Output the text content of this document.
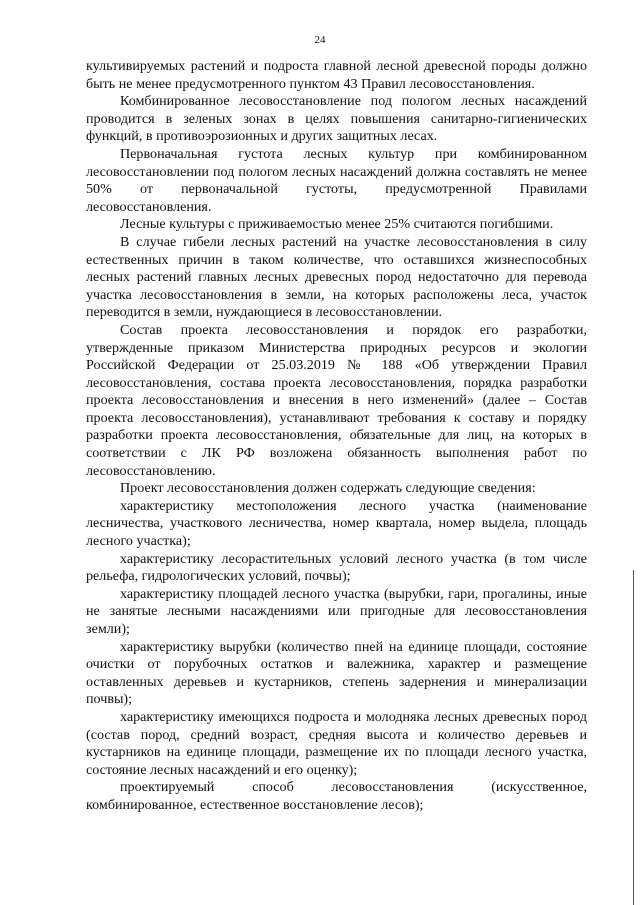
24

культивируемых растений и подроста главной лесной древесной породы должно быть не менее предусмотренного пунктом 43 Правил лесовосстановления.

Комбинированное лесовосстановление под пологом лесных насаждений проводится в зеленых зонах в целях повышения санитарно-гигиенических функций, в противоэрозионных и других защитных лесах.

Первоначальная густота лесных культур при комбинированном лесовосстановлении под пологом лесных насаждений должна составлять не менее 50% от первоначальной густоты, предусмотренной Правилами лесовосстановления.

Лесные культуры с приживаемостью менее 25% считаются погибшими.

В случае гибели лесных растений на участке лесовосстановления в силу естественных причин в таком количестве, что оставшихся жизнеспособных лесных растений главных лесных древесных пород недостаточно для перевода участка лесовосстановления в земли, на которых расположены леса, участок переводится в земли, нуждающиеся в лесовосстановлении.

Состав проекта лесовосстановления и порядок его разработки, утвержденные приказом Министерства природных ресурсов и экологии Российской Федерации от 25.03.2019 № 188 «Об утверждении Правил лесовосстановления, состава проекта лесовосстановления, порядка разработки проекта лесовосстановления и внесения в него изменений» (далее – Состав проекта лесовосстановления), устанавливают требования к составу и порядку разработки проекта лесовосстановления, обязательные для лиц, на которых в соответствии с ЛК РФ возложена обязанность выполнения работ по лесовосстановлению.

Проект лесовосстановления должен содержать следующие сведения:

характеристику местоположения лесного участка (наименование лесничества, участкового лесничества, номер квартала, номер выдела, площадь лесного участка);

характеристику лесорастительных условий лесного участка (в том числе рельефа, гидрологических условий, почвы);

характеристику площадей лесного участка (вырубки, гари, прогалины, иные не занятые лесными насаждениями или пригодные для лесовосстановления земли);

характеристику вырубки (количество пней на единице площади, состояние очистки от порубочных остатков и валежника, характер и размещение оставленных деревьев и кустарников, степень задернения и минерализации почвы);

характеристику имеющихся подроста и молодняка лесных древесных пород (состав пород, средний возраст, средняя высота и количество деревьев и кустарников на единице площади, размещение их по площади лесного участка, состояние лесных насаждений и его оценку);

проектируемый способ лесовосстановления (искусственное, комбинированное, естественное восстановление лесов);
